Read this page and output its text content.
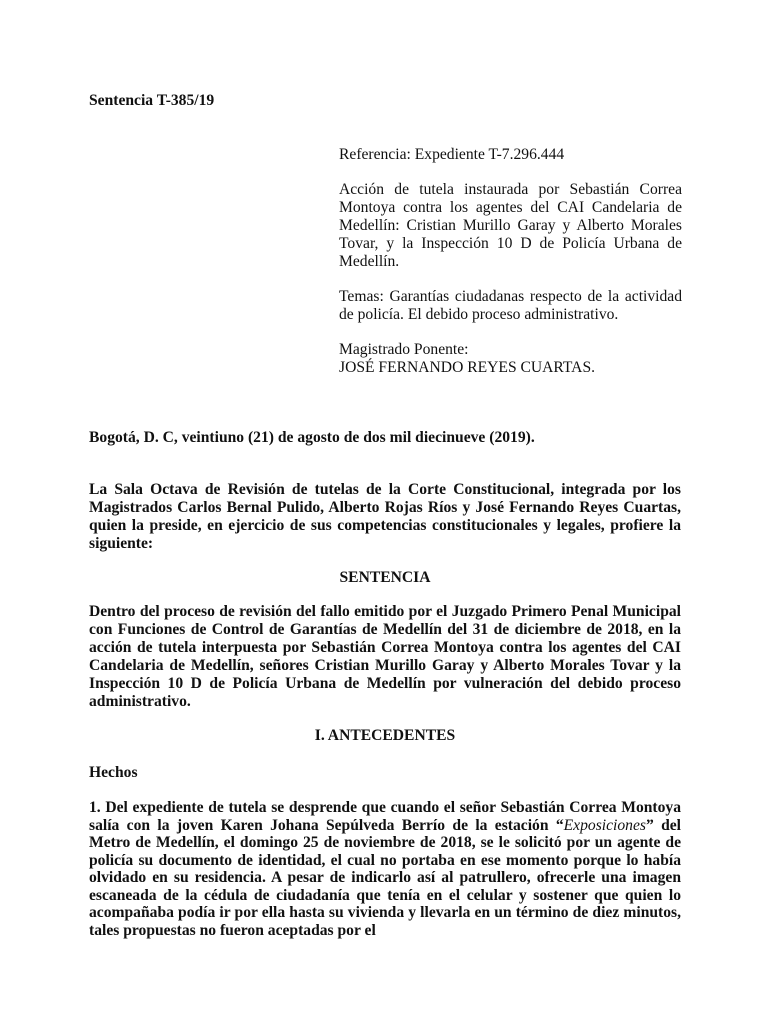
Sentencia T-385/19

Referencia: Expediente T-7.296.444

Acción de tutela instaurada por Sebastián Correa Montoya contra los agentes del CAI Candelaria de Medellín: Cristian Murillo Garay y Alberto Morales Tovar, y la Inspección 10 D de Policía Urbana de Medellín.

Temas: Garantías ciudadanas respecto de la actividad de policía. El debido proceso administrativo.

Magistrado Ponente:

JOSÉ FERNANDO REYES CUARTAS.

Bogotá, D. C, veintiuno (21) de agosto de dos mil diecinueve (2019).
La Sala Octava de Revisión de tutelas de la Corte Constitucional, integrada por los Magistrados Carlos Bernal Pulido, Alberto Rojas Ríos y José Fernando Reyes Cuartas, quien la preside, en ejercicio de sus competencias constitucionales y legales, profiere la siguiente:
SENTENCIA
Dentro del proceso de revisión del fallo emitido por el Juzgado Primero Penal Municipal con Funciones de Control de Garantías de Medellín del 31 de diciembre de 2018, en la acción de tutela interpuesta por Sebastián Correa Montoya contra los agentes del CAI Candelaria de Medellín, señores Cristian Murillo Garay y Alberto Morales Tovar y la Inspección 10 D de Policía Urbana de Medellín por vulneración del debido proceso administrativo.
I. ANTECEDENTES
Hechos
1. Del expediente de tutela se desprende que cuando el señor Sebastián Correa Montoya salía con la joven Karen Johana Sepúlveda Berrío de la estación “Exposiciones” del Metro de Medellín, el domingo 25 de noviembre de 2018, se le solicitó por un agente de policía su documento de identidad, el cual no portaba en ese momento porque lo había olvidado en su residencia. A pesar de indicarlo así al patrullero, ofrecerle una imagen escaneada de la cédula de ciudadanía que tenía en el celular y sostener que quien lo acompañaba podía ir por ella hasta su vivienda y llevarla en un término de diez minutos, tales propuestas no fueron aceptadas por el
